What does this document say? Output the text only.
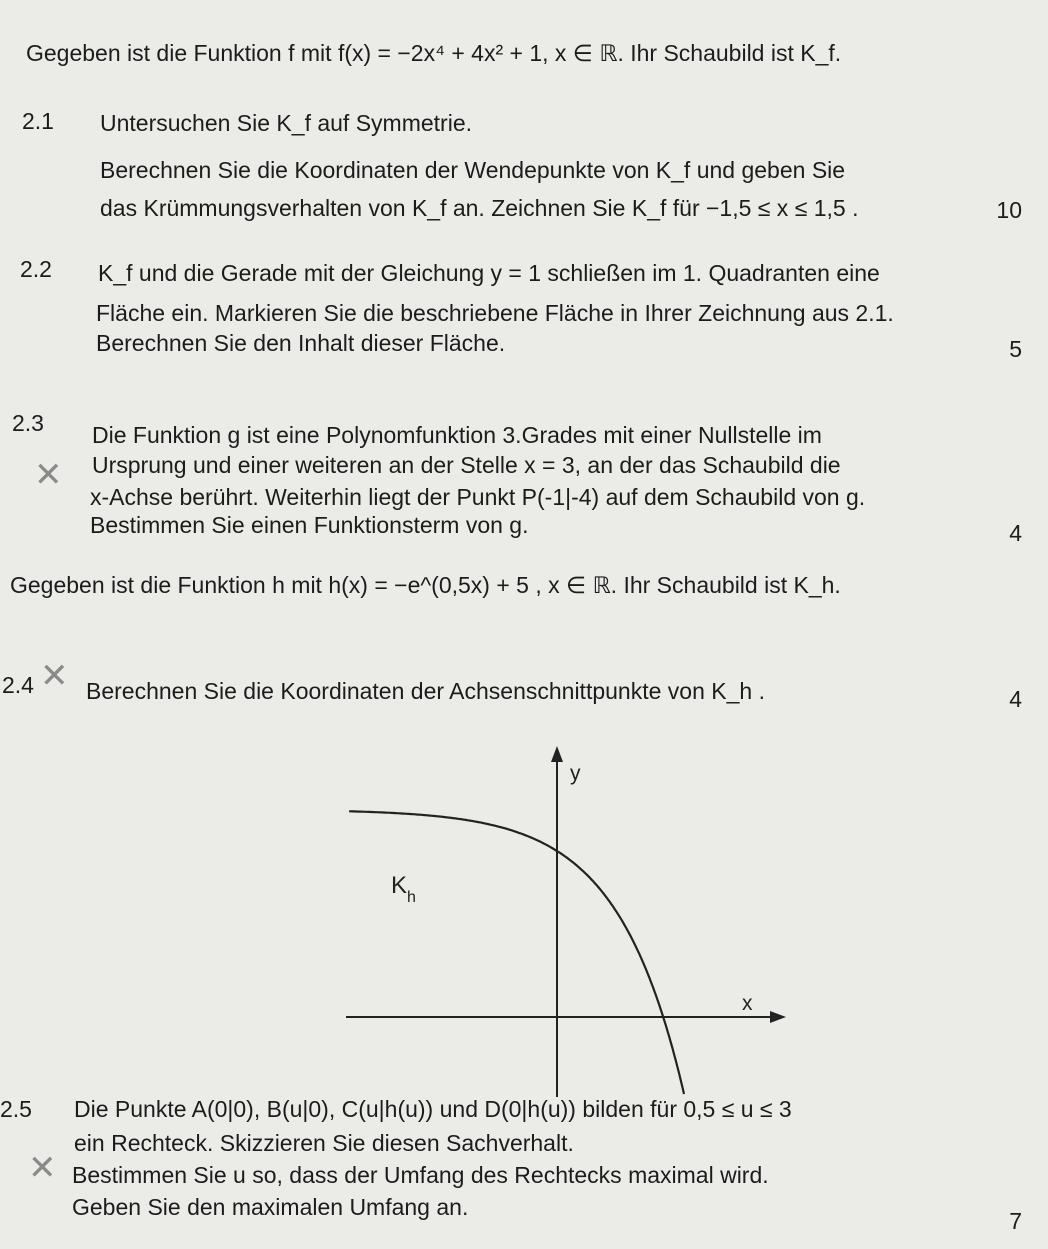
Gegeben ist die Funktion f mit f(x) = −2x⁴ + 4x² + 1, x ∈ ℝ. Ihr Schaubild ist K_f.
2.1 Untersuchen Sie K_f auf Symmetrie.
Berechnen Sie die Koordinaten der Wendepunkte von K_f und geben Sie
das Krümmungsverhalten von K_f an. Zeichnen Sie K_f für −1,5 ≤ x ≤ 1,5 .	10
2.2 K_f und die Gerade mit der Gleichung y = 1 schließen im 1. Quadranten eine
Fläche ein. Markieren Sie die beschriebene Fläche in Ihrer Zeichnung aus 2.1.
Berechnen Sie den Inhalt dieser Fläche.	5
2.3 Die Funktion g ist eine Polynomfunktion 3.Grades mit einer Nullstelle im
Ursprung und einer weiteren an der Stelle x = 3, an der das Schaubild die
x-Achse berührt. Weiterhin liegt der Punkt P(-1|-4) auf dem Schaubild von g.
Bestimmen Sie einen Funktionsterm von g.	4
✕
Gegeben ist die Funktion h mit h(x) = −e^(0,5x) + 5 , x ∈ ℝ. Ihr Schaubild ist K_h.
2.4 ✕ Berechnen Sie die Koordinaten der Achsenschnittpunkte von K_h .	4
y
x
$K_h$
2.5 Die Punkte A(0|0), B(u|0), C(u|h(u)) und D(0|h(u)) bilden für 0,5 ≤ u ≤ 3
ein Rechteck. Skizzieren Sie diesen Sachverhalt.
Bestimmen Sie u so, dass der Umfang des Rechtecks maximal wird.
Geben Sie den maximalen Umfang an.
7
✕
